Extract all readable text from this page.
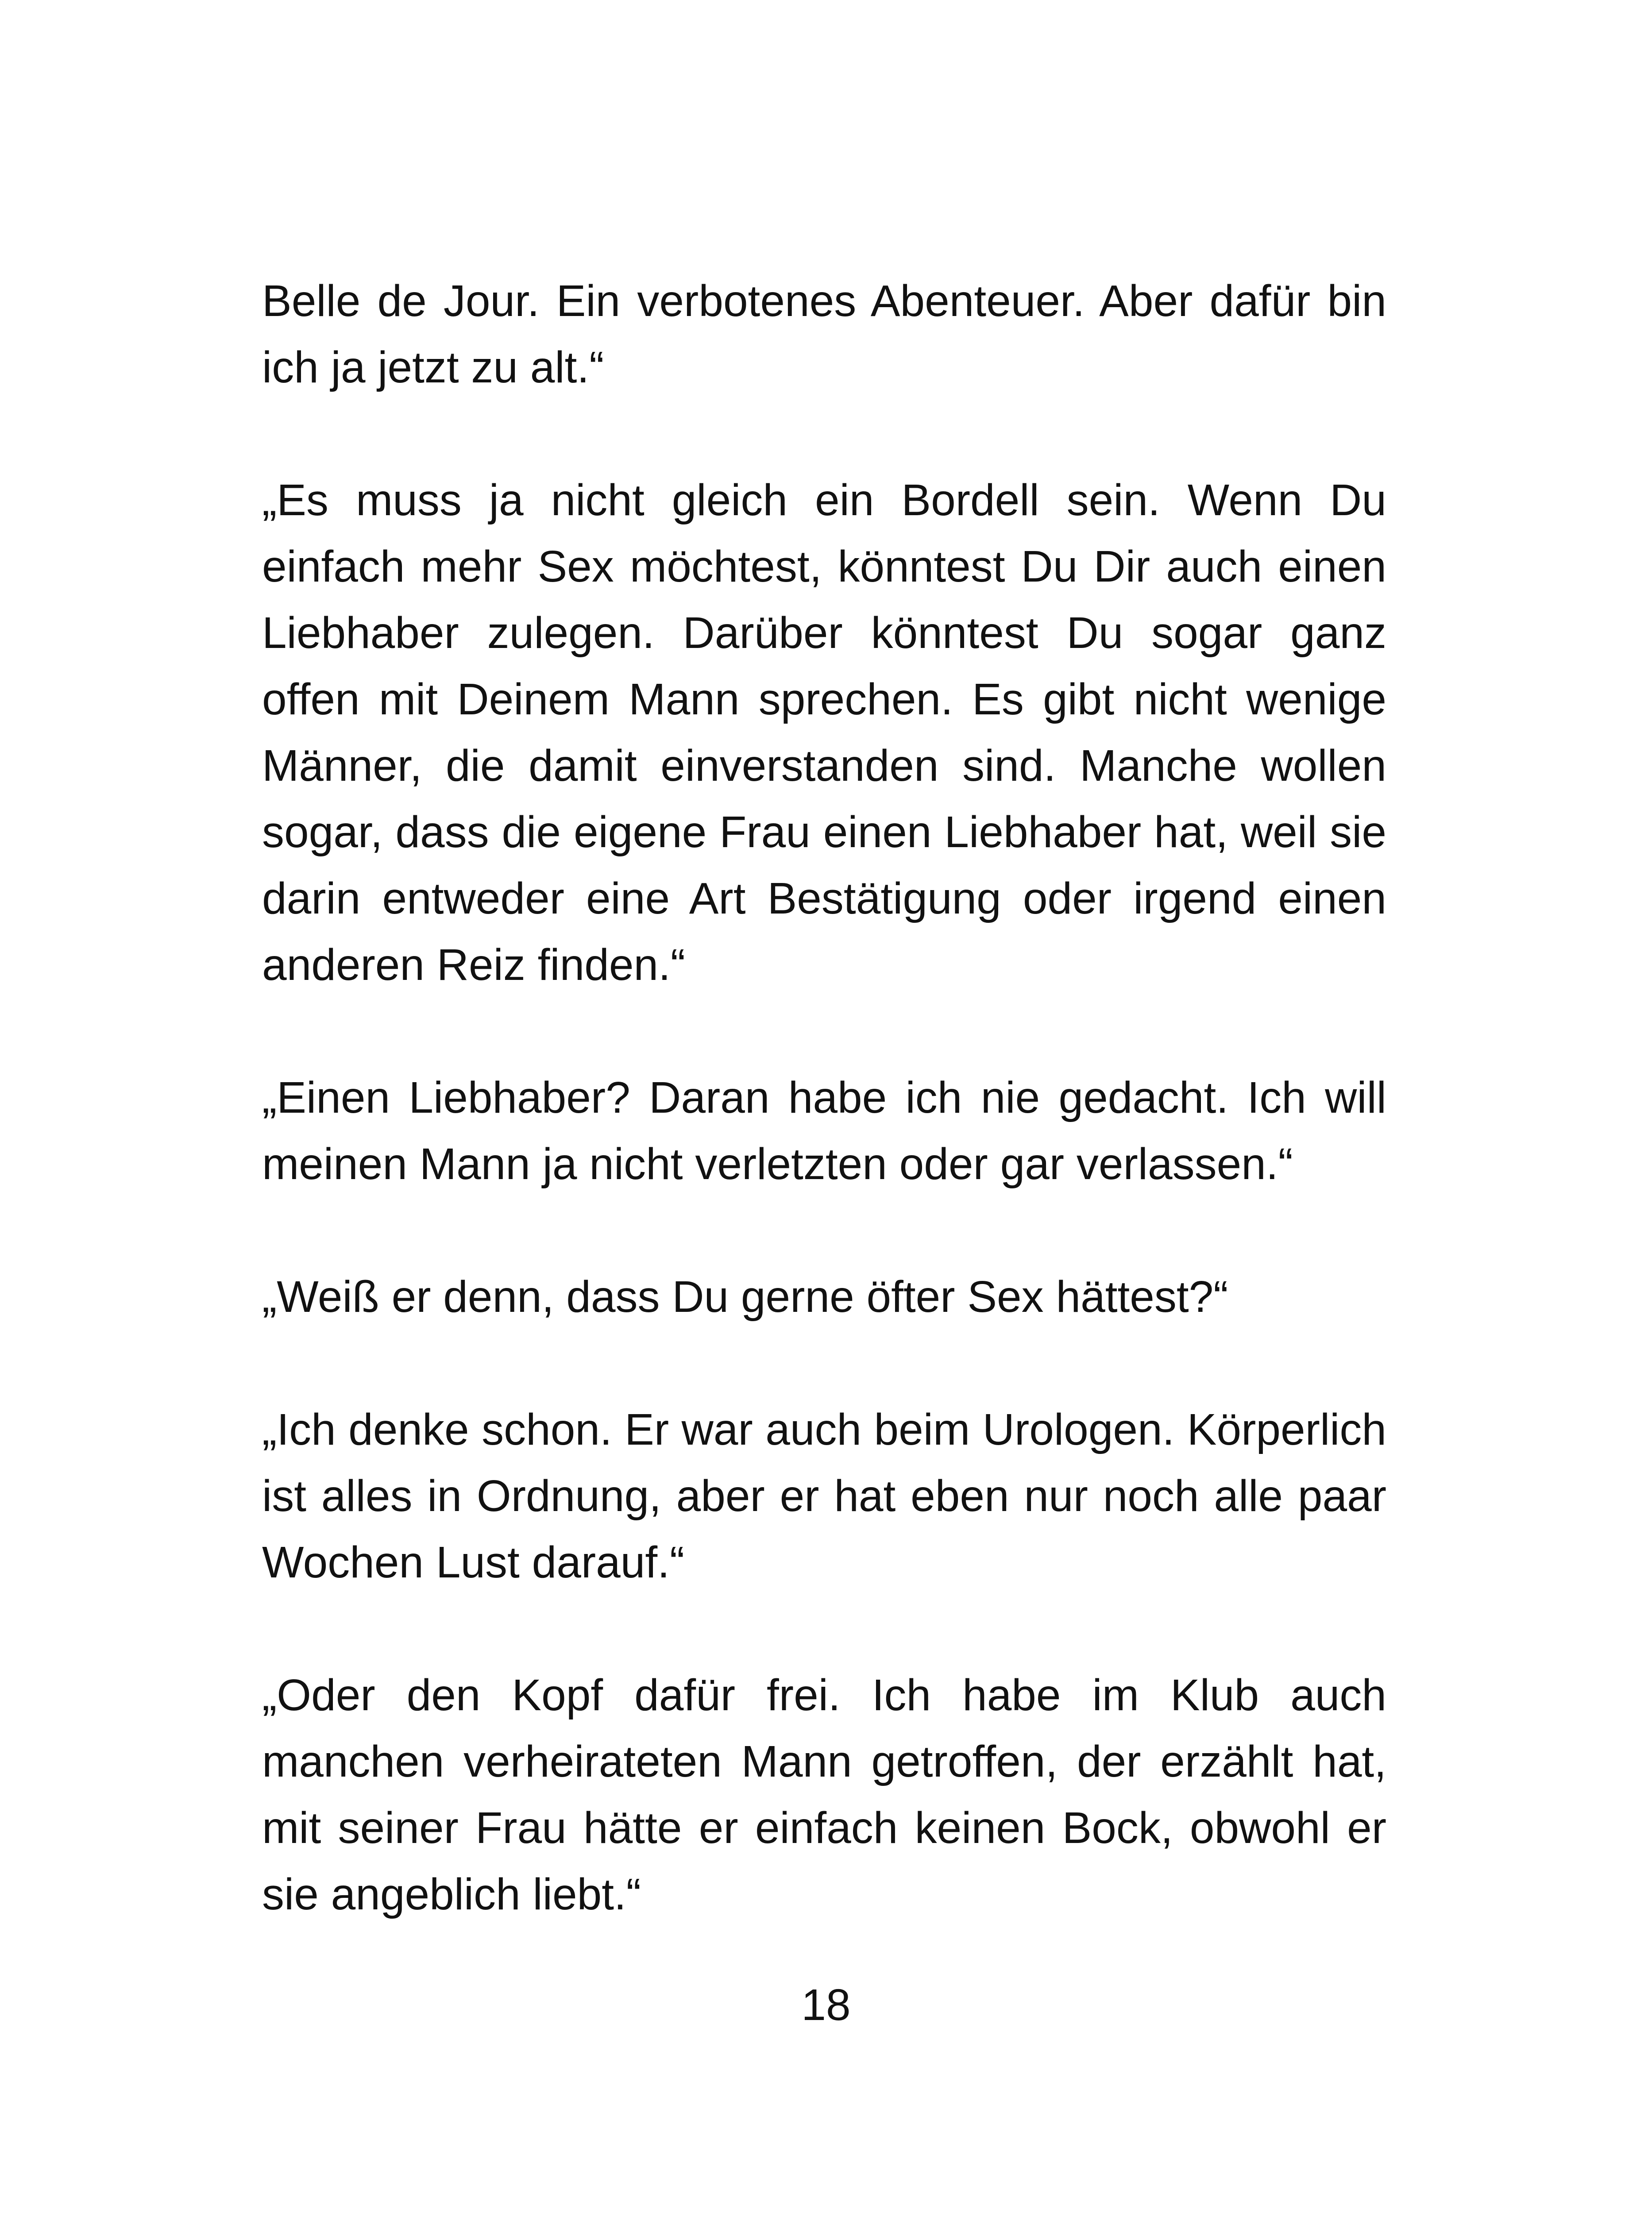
Belle de Jour. Ein verbotenes Abenteuer. Aber dafür bin ich ja jetzt zu alt.“

„Es muss ja nicht gleich ein Bordell sein. Wenn Du einfach mehr Sex möchtest, könntest Du Dir auch einen Liebhaber zulegen. Darüber könntest Du sogar ganz offen mit Deinem Mann sprechen. Es gibt nicht wenige Männer, die damit einverstanden sind. Manche wollen sogar, dass die eigene Frau einen Liebhaber hat, weil sie darin entweder eine Art Bestätigung oder irgend einen anderen Reiz finden.“

„Einen Liebhaber? Daran habe ich nie gedacht. Ich will meinen Mann ja nicht verletzten oder gar verlassen.“

„Weiß er denn, dass Du gerne öfter Sex hättest?“

„Ich denke schon. Er war auch beim Urologen. Körperlich ist alles in Ordnung, aber er hat eben nur noch alle paar Wochen Lust darauf.“

„Oder den Kopf dafür frei. Ich habe im Klub auch manchen verheirateten Mann getroffen, der erzählt hat, mit seiner Frau hätte er einfach keinen Bock, obwohl er sie angeblich liebt.“

18
